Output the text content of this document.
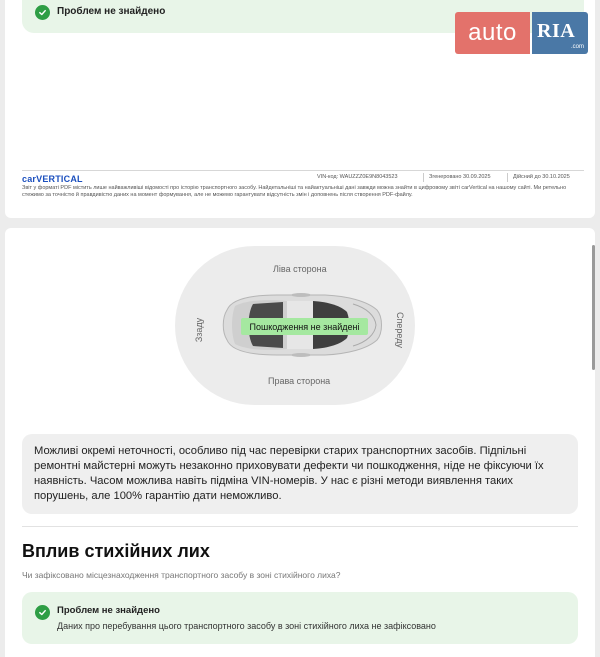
Проблем не знайдено
carVERTICAL	VIN-код: WAUZZZ0E9N8043523	Згенеровано 30.09.2025	Дійсний до 30.10.2025
Звіт у форматі PDF містить лише найважливіші відомості про історію транспортного засобу. Найдетальніші та найактуальніші дані завжди можна знайти в цифровому звіті carVertical на нашому сайті. Ми ретельно стежимо за точністю й правдивістю даних на момент формування, але не можемо гарантувати відсутність змін і доповнень після створення PDF-файлу.
auto	RIA
.com
Ліва сторона
Права сторона
Ззаду	Спереду
Пошкодження не знайдені
Можливі окремі неточності, особливо під час перевірки старих транспортних засобів. Підпільні ремонтні майстерні можуть незаконно приховувати дефекти чи пошкодження, ніде не фіксуючи їх наявність. Часом можлива навіть підміна VIN-номерів. У нас є різні методи виявлення таких порушень, але 100% гарантію дати неможливо.
Вплив стихійних лих
Чи зафіксовано місцезнаходження транспортного засобу в зоні стихійного лиха?
Проблем не знайдено
Даних про перебування цього транспортного засобу в зоні стихійного лиха не зафіксовано
